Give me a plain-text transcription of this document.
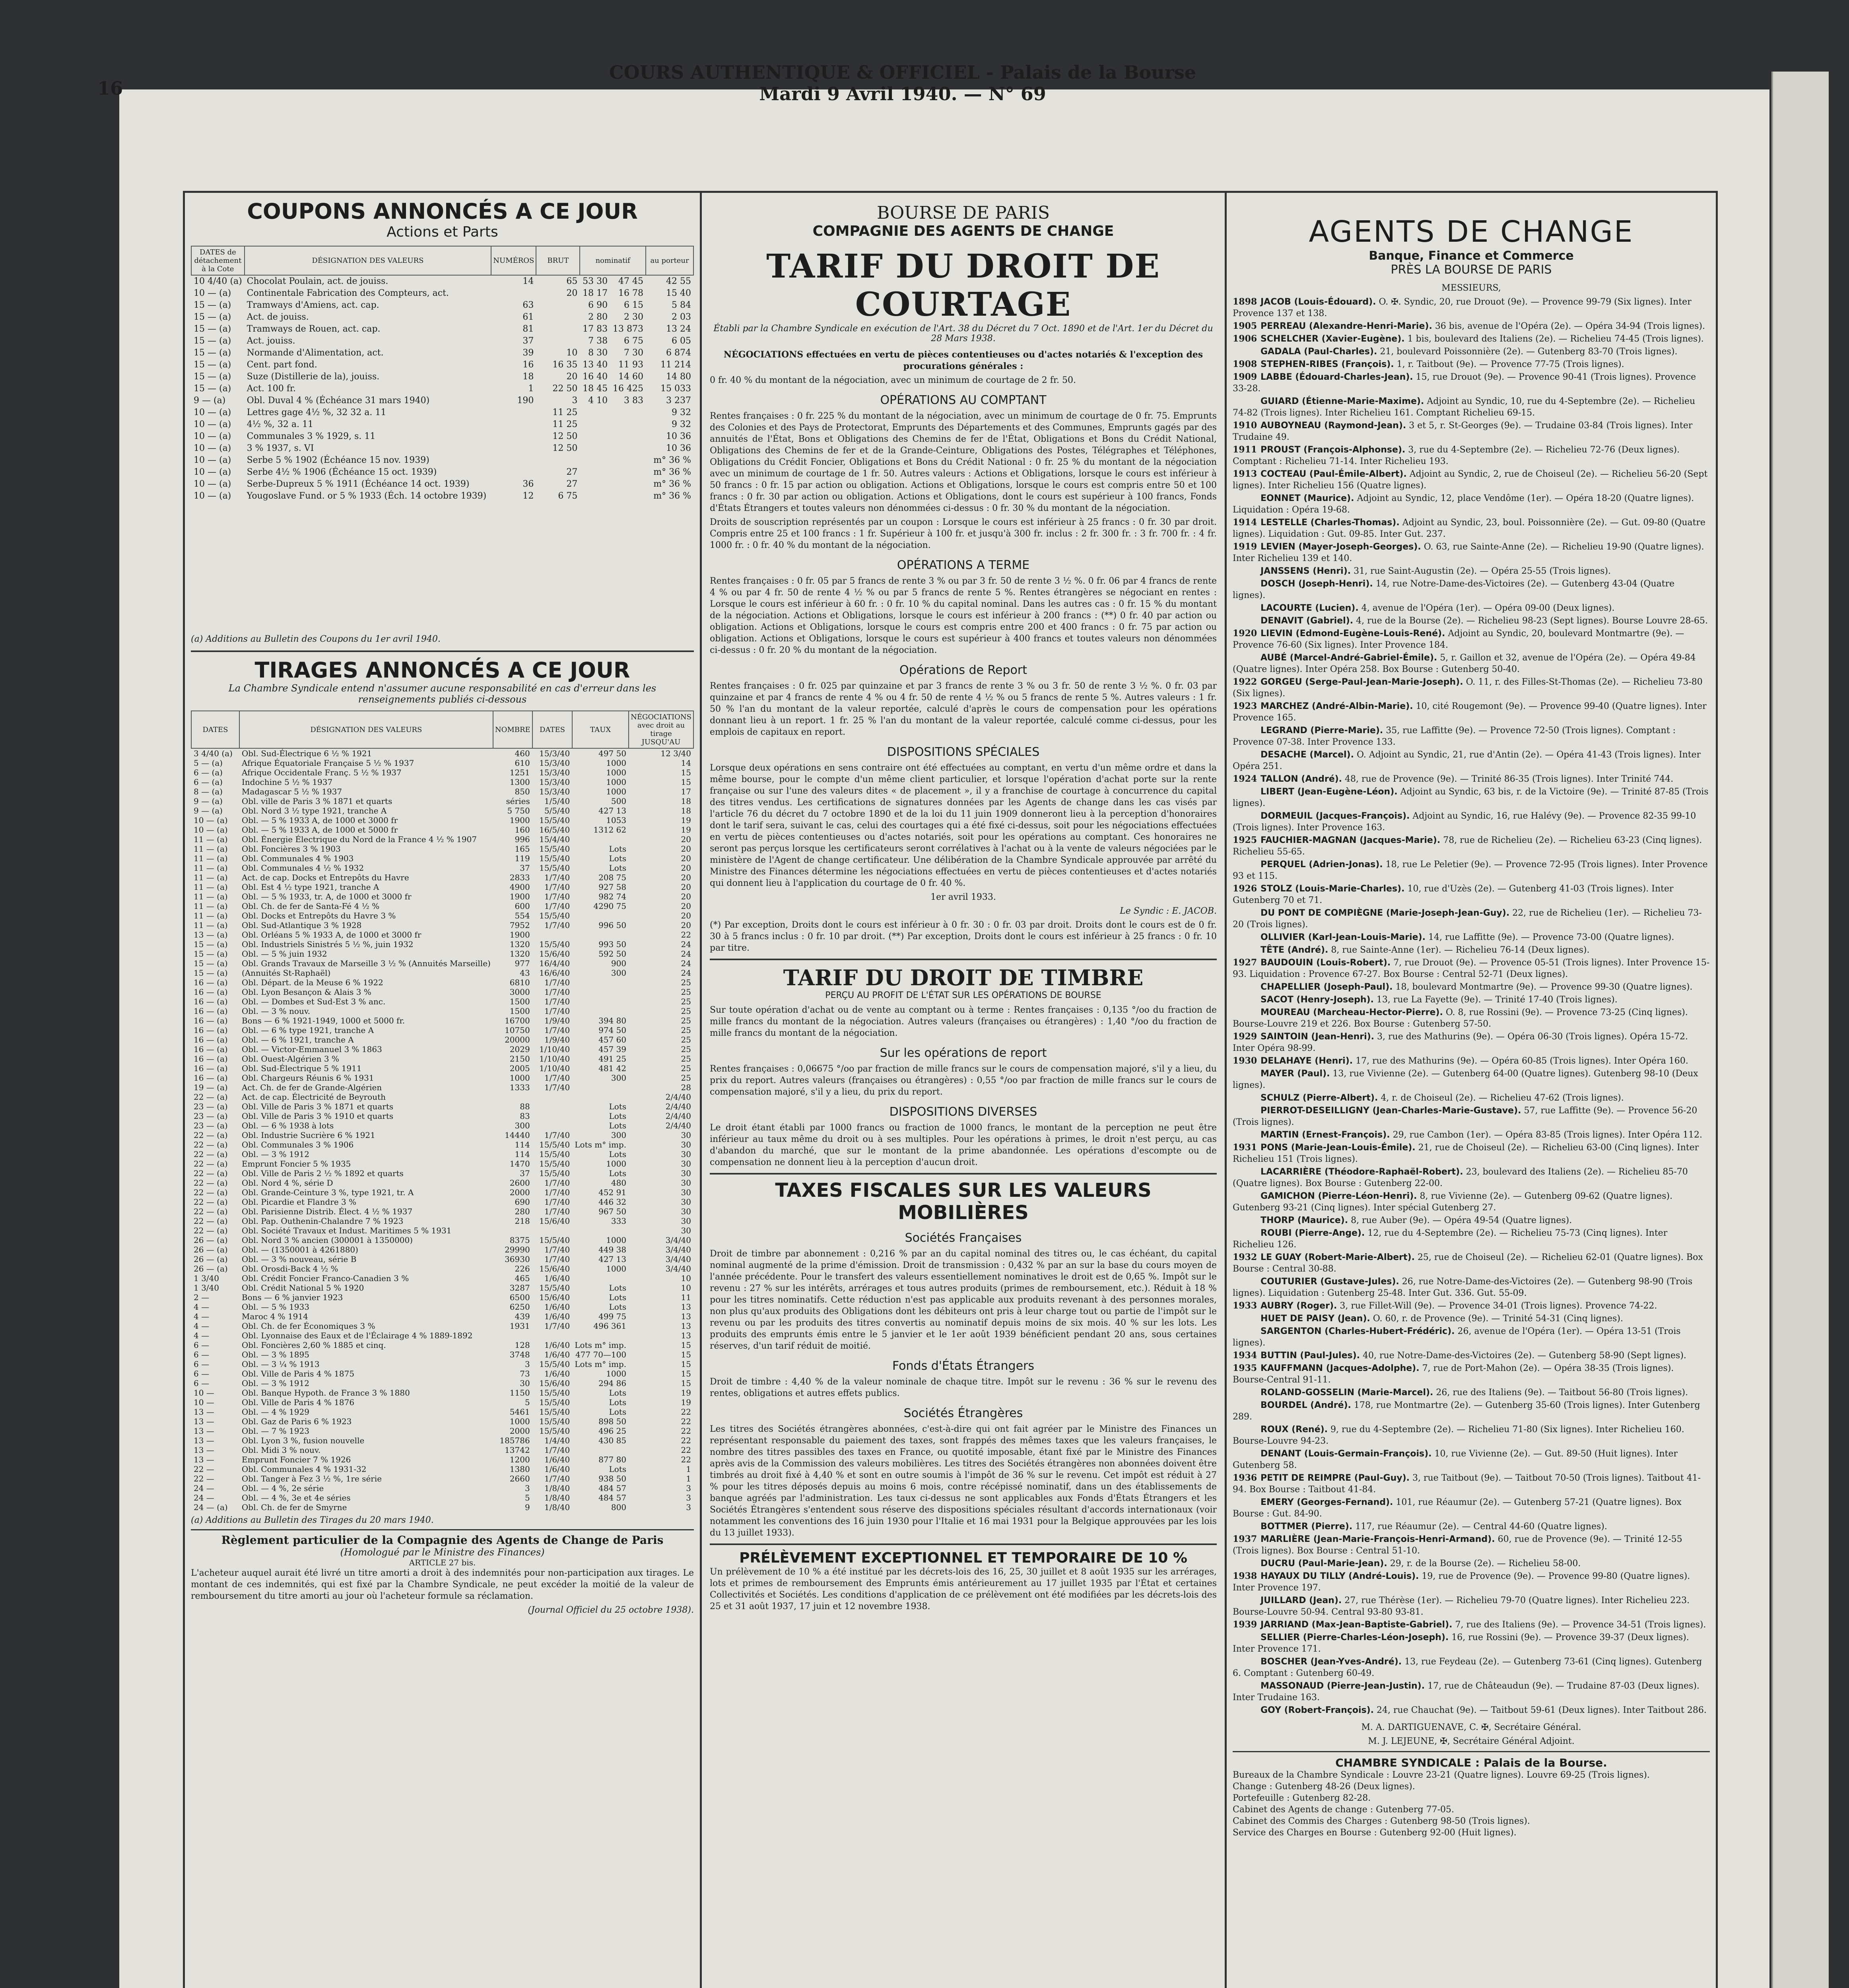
16
COURS AUTHENTIQUE & OFFICIEL - Palais de la Bourse
Mardi 9 Avril 1940. — N° 69
COUPONS ANNONCÉS A CE JOUR
Actions et Parts
DATES de détachement à la Cote	DÉSIGNATION DES VALEURS	NUMÉROS	BRUT	nominatif		au porteur
10 4/40 (a)	Chocolat Poulain, act. de jouiss.	14	65	53 30	47 45	42 55
10 — (a)	Continentale Fabrication des Compteurs, act.		20	18 17	16 78	15 40
15 — (a)	Tramways d'Amiens, act. cap.	63		6 90	6 15	5 84
15 — (a)	Act. de jouiss.	61		2 80	2 30	2 03
15 — (a)	Tramways de Rouen, act. cap.	81		17 83	13 873	13 24
15 — (a)	Act. jouiss.	37		7 38	6 75	6 05
15 — (a)	Normande d'Alimentation, act.	39	10	8 30	7 30	6 874
15 — (a)	Cent. part fond.	16	16 35	13 40	11 93	11 214
15 — (a)	Suze (Distillerie de la), jouiss.	18	20	16 40	14 60	14 80
15 — (a)	Act. 100 fr.	1	22 50	18 45	16 425	15 033
9 — (a)	Obl. Duval 4 % (Échéance 31 mars 1940)	190	3	4 10	3 83	3 237
10 — (a)	Lettres gage 4½ %, 32 32 a. 11		11 25			9 32
10 — (a)	4½ %, 32 a. 11		11 25			9 32
10 — (a)	Communales 3 % 1929, s. 11		12 50			10 36
10 — (a)	3 % 1937, s. VI		12 50			10 36
10 — (a)	Serbe 5 % 1902 (Échéance 15 nov. 1939)					m° 36 %
10 — (a)	Serbe 4½ % 1906 (Échéance 15 oct. 1939)		27			m° 36 %
10 — (a)	Serbe-Dupreux 5 % 1911 (Échéance 14 oct. 1939)	36	27			m° 36 %
10 — (a)	Yougoslave Fund. or 5 % 1933 (Éch. 14 octobre 1939)	12	6 75			m° 36 %
(a) Additions au Bulletin des Coupons du 1er avril 1940.
TIRAGES ANNONCÉS A CE JOUR
La Chambre Syndicale entend n'assumer aucune responsabilité en cas d'erreur dans les renseignements publiés ci-dessous
DATES	DÉSIGNATION DES VALEURS	NOMBRE	DATES	TAUX	NÉGOCIATIONS avec droit au tirage JUSQU'AU
3 4/40 (a)	Obl. Sud-Électrique 6 ½ % 1921	460	15/3/40	497 50	12 3/40
5 — (a)	Afrique Équatoriale Française 5 ½ % 1937	610	15/3/40	1000	14
6 — (a)	Afrique Occidentale Franç. 5 ½ % 1937	1251	15/3/40	1000	15
6 — (a)	Indochine 5 ½ % 1937	1300	15/3/40	1000	15
8 — (a)	Madagascar 5 ½ % 1937	850	15/3/40	1000	17
9 — (a)	Obl. ville de Paris 3 % 1871 et quarts	séries	1/5/40	500	18
9 — (a)	Obl. Nord 3 ½ type 1921, tranche A	5 750	5/5/40	427 13	18
10 — (a)	Obl. — 5 % 1933 A, de 1000 et 3000 fr	1900	15/5/40	1053	19
10 — (a)	Obl. — 5 % 1933 A, de 1000 et 5000 fr	160	16/5/40	1312 62	19
11 — (a)	Obl. Énergie Électrique du Nord de la France 4 ½ % 1907	996	15/4/40		20
11 — (a)	Obl. Foncières 3 % 1903	165	15/5/40	Lots	20
11 — (a)	Obl. Communales 4 % 1903	119	15/5/40	Lots	20
11 — (a)	Obl. Communales 4 ½ % 1932	37	15/5/40	Lots	20
11 — (a)	Act. de cap. Docks et Entrepôts du Havre	2833	1/7/40	208 75	20
11 — (a)	Obl. Est 4 ½ type 1921, tranche A	4900	1/7/40	927 58	20
11 — (a)	Obl. — 5 % 1933, tr. A, de 1000 et 3000 fr	1900	1/7/40	982 74	20
11 — (a)	Obl. Ch. de fer de Santa-Fé 4 ½ %	600	1/7/40	4290 75	20
11 — (a)	Obl. Docks et Entrepôts du Havre 3 %	554	15/5/40		20
11 — (a)	Obl. Sud-Atlantique 3 % 1928	7952	1/7/40	996 50	20
13 — (a)	Obl. Orléans 5 % 1933 A, de 1000 et 3000 fr	1900			22
15 — (a)	Obl. Industriels Sinistrés 5 ½ %, juin 1932	1320	15/5/40	993 50	24
15 — (a)	Obl. — 5 % juin 1932	1320	15/6/40	592 50	24
15 — (a)	Obl. Grands Travaux de Marseille 3 ½ % (Annuités Marseille)	977	16/4/40	900	24
15 — (a)	(Annuités St-Raphaël)	43	16/6/40	300	24
16 — (a)	Obl. Départ. de la Meuse 6 % 1922	6810	1/7/40		25
16 — (a)	Obl. Lyon Besançon & Alais 3 %	3000	1/7/40		25
16 — (a)	Obl. — Dombes et Sud-Est 3 % anc.	1500	1/7/40		25
16 — (a)	Obl. — 3 % nouv.	1500	1/7/40		25
16 — (a)	Bons — 6 % 1921-1949, 1000 et 5000 fr.	16700	1/9/40	394 80	25
16 — (a)	Obl. — 6 % type 1921, tranche A	10750	1/7/40	974 50	25
16 — (a)	Obl. — 6 % 1921, tranche A	20000	1/9/40	457 60	25
16 — (a)	Obl. — Victor-Emmanuel 3 % 1863	2029	1/10/40	457 39	25
16 — (a)	Obl. Ouest-Algérien 3 %	2150	1/10/40	491 25	25
16 — (a)	Obl. Sud-Électrique 5 % 1911	2005	1/10/40	481 42	25
16 — (a)	Obl. Chargeurs Réunis 6 % 1931	1000	1/7/40	300	25
19 — (a)	Act. Ch. de fer de Grande-Algérien	1333	1/7/40		28
22 — (a)	Act. de cap. Électricité de Beyrouth				2/4/40
23 — (a)	Obl. Ville de Paris 3 % 1871 et quarts	88		Lots	2/4/40
23 — (a)	Obl. Ville de Paris 3 % 1910 et quarts	83		Lots	2/4/40
23 — (a)	Obl. — 6 % 1938 à lots	300		Lots	2/4/40
22 — (a)	Obl. Industrie Sucrière 6 % 1921	14440	1/7/40	300	30
22 — (a)	Obl. Communales 3 % 1906	114	15/5/40	Lots m° imp.	30
22 — (a)	Obl. — 3 % 1912	114	15/5/40	Lots	30
22 — (a)	Emprunt Foncier 5 % 1935	1470	15/5/40	1000	30
22 — (a)	Obl. Ville de Paris 2 ½ % 1892 et quarts	37	15/5/40	Lots	30
22 — (a)	Obl. Nord 4 %, série D	2600	1/7/40	480	30
22 — (a)	Obl. Grande-Ceinture 3 %, type 1921, tr. A	2000	1/7/40	452 91	30
22 — (a)	Obl. Picardie et Flandre 3 %	690	1/7/40	446 32	30
22 — (a)	Obl. Parisienne Distrib. Élect. 4 ½ % 1937	280	1/7/40	967 50	30
22 — (a)	Obl. Pap. Outhenin-Chalandre 7 % 1923	218	15/6/40	333	30
22 — (a)	Obl. Société Travaux et Indust. Maritimes 5 % 1931				30
26 — (a)	Obl. Nord 3 % ancien (300001 à 1350000)	8375	15/5/40	1000	3/4/40
26 — (a)	Obl. — (1350001 à 4261880)	29990	1/7/40	449 38	3/4/40
26 — (a)	Obl. — 3 % nouveau, série B	36930	1/7/40	427 13	3/4/40
26 — (a)	Obl. Orosdi-Back 4 ½ %	226	15/6/40	1000	3/4/40
1 3/40	Obl. Crédit Foncier Franco-Canadien 3 %	465	1/6/40		10
1 3/40	Obl. Crédit National 5 % 1920	3287	15/5/40	Lots	10
2 —	Bons — 6 % janvier 1923	6500	15/6/40	Lots	11
4 —	Obl. — 5 % 1933	6250	1/6/40	Lots	13
4 —	Maroc 4 % 1914	439	1/6/40	499 75	13
4 —	Obl. Ch. de fer Économiques 3 %	1931	1/7/40	496 361	13
4 —	Obl. Lyonnaise des Eaux et de l'Éclairage 4 % 1889-1892				13
6 —	Obl. Foncières 2,60 % 1885 et cinq.	128	1/6/40	Lots m° imp.	15
6 —	Obl. — 3 % 1895	3748	1/6/40	477 70—100	15
6 —	Obl. — 3 ¼ % 1913	3	15/5/40	Lots m° imp.	15
6 —	Obl. Ville de Paris 4 % 1875	73	1/6/40	1000	15
6 —	Obl. — 3 % 1912	30	15/6/40	294 86	15
10 —	Obl. Banque Hypoth. de France 3 % 1880	1150	15/5/40	Lots	19
10 —	Obl. Ville de Paris 4 % 1876	5	15/5/40	Lots	19
13 —	Obl. — 4 % 1929	5461	15/5/40	Lots	22
13 —	Obl. Gaz de Paris 6 % 1923	1000	15/5/40	898 50	22
13 —	Obl. — 7 % 1923	2000	15/5/40	496 25	22
13 —	Obl. Lyon 3 %, fusion nouvelle	185786	1/4/40	430 85	22
13 —	Obl. Midi 3 % nouv.	13742	1/7/40		22
13 —	Emprunt Foncier 7 % 1926	1200	1/6/40	877 80	22
22 —	Obl. Communales 4 % 1931-32	1380	1/6/40	Lots	1
22 —	Obl. Tanger à Fez 3 ½ %, 1re série	2660	1/7/40	938 50	1
24 —	Obl. — 4 %, 2e série	3	1/8/40	484 57	3
24 —	Obl. — 4 %, 3e et 4e séries	5	1/8/40	484 57	3
24 — (a)	Obl. Ch. de fer de Smyrne	9	1/8/40	800	3
(a) Additions au Bulletin des Tirages du 20 mars 1940.
Règlement particulier de la Compagnie des Agents de Change de Paris
(Homologué par le Ministre des Finances)
ARTICLE 27 bis.
L'acheteur auquel aurait été livré un titre amorti a droit à des indemnités pour non-participation aux tirages. Le montant de ces indemnités, qui est fixé par la Chambre Syndicale, ne peut excéder la moitié de la valeur de remboursement du titre amorti au jour où l'acheteur formule sa réclamation.
(Journal Officiel du 25 octobre 1938).
BOURSE DE PARIS
COMPAGNIE DES AGENTS DE CHANGE
TARIF DU DROIT DE COURTAGE
Établi par la Chambre Syndicale en exécution de l'Art. 38 du Décret du 7 Oct. 1890 et de l'Art. 1er du Décret du 28 Mars 1938.
NÉGOCIATIONS effectuées en vertu de pièces contentieuses ou d'actes notariés & l'exception des procurations générales :
0 fr. 40 % du montant de la négociation, avec un minimum de courtage de 2 fr. 50.
OPÉRATIONS AU COMPTANT
Rentes françaises : 0 fr. 225 % du montant de la négociation, avec un minimum de courtage de 0 fr. 75. Emprunts des Colonies et des Pays de Protectorat, Emprunts des Départements et des Communes, Emprunts gagés par des annuités de l'État, Bons et Obligations des Chemins de fer de l'État, Obligations et Bons du Crédit National, Obligations des Chemins de fer et de la Grande-Ceinture, Obligations des Postes, Télégraphes et Téléphones, Obligations du Crédit Foncier, Obligations et Bons du Crédit National : 0 fr. 25 % du montant de la négociation avec un minimum de courtage de 1 fr. 50. Autres valeurs : Actions et Obligations, lorsque le cours est inférieur à 50 francs : 0 fr. 15 par action ou obligation. Actions et Obligations, lorsque le cours est compris entre 50 et 100 francs : 0 fr. 30 par action ou obligation. Actions et Obligations, dont le cours est supérieur à 100 francs, Fonds d'États Étrangers et toutes valeurs non dénommées ci-dessus : 0 fr. 30 % du montant de la négociation.
Droits de souscription représentés par un coupon : Lorsque le cours est inférieur à 25 francs : 0 fr. 30 par droit. Compris entre 25 et 100 francs : 1 fr. Supérieur à 100 fr. et jusqu'à 300 fr. inclus : 2 fr. 300 fr. : 3 fr. 700 fr. : 4 fr. 1000 fr. : 0 fr. 40 % du montant de la négociation.
OPÉRATIONS A TERME
Rentes françaises : 0 fr. 05 par 5 francs de rente 3 % ou par 3 fr. 50 de rente 3 ½ %. 0 fr. 06 par 4 francs de rente 4 % ou par 4 fr. 50 de rente 4 ½ % ou par 5 francs de rente 5 %. Rentes étrangères se négociant en rentes : Lorsque le cours est inférieur à 60 fr. : 0 fr. 10 % du capital nominal. Dans les autres cas : 0 fr. 15 % du montant de la négociation. Actions et Obligations, lorsque le cours est inférieur à 200 francs : (**) 0 fr. 40 par action ou obligation. Actions et Obligations, lorsque le cours est compris entre 200 et 400 francs : 0 fr. 75 par action ou obligation. Actions et Obligations, lorsque le cours est supérieur à 400 francs et toutes valeurs non dénommées ci-dessus : 0 fr. 20 % du montant de la négociation.
Opérations de Report
Rentes françaises : 0 fr. 025 par quinzaine et par 3 francs de rente 3 % ou 3 fr. 50 de rente 3 ½ %. 0 fr. 03 par quinzaine et par 4 francs de rente 4 % ou 4 fr. 50 de rente 4 ½ % ou 5 francs de rente 5 %. Autres valeurs : 1 fr. 50 % l'an du montant de la valeur reportée, calculé d'après le cours de compensation pour les opérations donnant lieu à un report. 1 fr. 25 % l'an du montant de la valeur reportée, calculé comme ci-dessus, pour les emplois de capitaux en report.
DISPOSITIONS SPÉCIALES
Lorsque deux opérations en sens contraire ont été effectuées au comptant, en vertu d'un même ordre et dans la même bourse, pour le compte d'un même client particulier, et lorsque l'opération d'achat porte sur la rente française ou sur l'une des valeurs dites « de placement », il y a franchise de courtage à concurrence du capital des titres vendus. Les certifications de signatures données par les Agents de change dans les cas visés par l'article 76 du décret du 7 octobre 1890 et de la loi du 11 juin 1909 donneront lieu à la perception d'honoraires dont le tarif sera, suivant le cas, celui des courtages qui a été fixé ci-dessus, soit pour les négociations effectuées en vertu de pièces contentieuses ou d'actes notariés, soit pour les opérations au comptant. Ces honoraires ne seront pas perçus lorsque les certificateurs seront corrélatives à l'achat ou à la vente de valeurs négociées par le ministère de l'Agent de change certificateur. Une délibération de la Chambre Syndicale approuvée par arrêté du Ministre des Finances détermine les négociations effectuées en vertu de pièces contentieuses et d'actes notariés qui donnent lieu à l'application du courtage de 0 fr. 40 %.
1er avril 1933.
Le Syndic : E. JACOB.
(*) Par exception, Droits dont le cours est inférieur à 0 fr. 30 : 0 fr. 03 par droit. Droits dont le cours est de 0 fr. 30 à 5 francs inclus : 0 fr. 10 par droit. (**) Par exception, Droits dont le cours est inférieur à 25 francs : 0 fr. 10 par titre.
TARIF DU DROIT DE TIMBRE
PERÇU AU PROFIT DE L'ÉTAT SUR LES OPÉRATIONS DE BOURSE
Sur toute opération d'achat ou de vente au comptant ou à terme : Rentes françaises : 0,135 °/oo du fraction de mille francs du montant de la négociation. Autres valeurs (françaises ou étrangères) : 1,40 °/oo du fraction de mille francs du montant de la négociation.
Sur les opérations de report
Rentes françaises : 0,06675 °/oo par fraction de mille francs sur le cours de compensation majoré, s'il y a lieu, du prix du report. Autres valeurs (françaises ou étrangères) : 0,55 °/oo par fraction de mille francs sur le cours de compensation majoré, s'il y a lieu, du prix du report.
DISPOSITIONS DIVERSES
Le droit étant établi par 1000 francs ou fraction de 1000 francs, le montant de la perception ne peut être inférieur au taux même du droit ou à ses multiples. Pour les opérations à primes, le droit n'est perçu, au cas d'abandon du marché, que sur le montant de la prime abandonnée. Les opérations d'escompte ou de compensation ne donnent lieu à la perception d'aucun droit.
TAXES FISCALES SUR LES VALEURS MOBILIÈRES
Sociétés Françaises
Droit de timbre par abonnement : 0,216 % par an du capital nominal des titres ou, le cas échéant, du capital nominal augmenté de la prime d'émission. Droit de transmission : 0,432 % par an sur la base du cours moyen de l'année précédente. Pour le transfert des valeurs essentiellement nominatives le droit est de 0,65 %. Impôt sur le revenu : 27 % sur les intérêts, arrérages et tous autres produits (primes de remboursement, etc.). Réduit à 18 % pour les titres nominatifs. Cette réduction n'est pas applicable aux produits revenant à des personnes morales, non plus qu'aux produits des Obligations dont les débiteurs ont pris à leur charge tout ou partie de l'impôt sur le revenu ou par les produits des titres convertis au nominatif depuis moins de six mois. 40 % sur les lots. Les produits des emprunts émis entre le 5 janvier et le 1er août 1939 bénéficient pendant 20 ans, sous certaines réserves, d'un tarif réduit de moitié.
Fonds d'États Étrangers
Droit de timbre : 4,40 % de la valeur nominale de chaque titre. Impôt sur le revenu : 36 % sur le revenu des rentes, obligations et autres effets publics.
Sociétés Étrangères
Les titres des Sociétés étrangères abonnées, c'est-à-dire qui ont fait agréer par le Ministre des Finances un représentant responsable du paiement des taxes, sont frappés des mêmes taxes que les valeurs françaises, le nombre des titres passibles des taxes en France, ou quotité imposable, étant fixé par le Ministre des Finances après avis de la Commission des valeurs mobilières. Les titres des Sociétés étrangères non abonnées doivent être timbrés au droit fixé à 4,40 % et sont en outre soumis à l'impôt de 36 % sur le revenu. Cet impôt est réduit à 27 % pour les titres déposés depuis au moins 6 mois, contre récépissé nominatif, dans un des établissements de banque agréés par l'administration. Les taux ci-dessus ne sont applicables aux Fonds d'États Étrangers et les Sociétés Étrangères s'entendent sous réserve des dispositions spéciales résultant d'accords internationaux (voir notamment les conventions des 16 juin 1930 pour l'Italie et 16 mai 1931 pour la Belgique approuvées par les lois du 13 juillet 1933).
PRÉLÈVEMENT EXCEPTIONNEL ET TEMPORAIRE DE 10 %
Un prélèvement de 10 % a été institué par les décrets-lois des 16, 25, 30 juillet et 8 août 1935 sur les arrérages, lots et primes de remboursement des Emprunts émis antérieurement au 17 juillet 1935 par l'État et certaines Collectivités et Sociétés. Les conditions d'application de ce prélèvement ont été modifiées par les décrets-lois des 25 et 31 août 1937, 17 juin et 12 novembre 1938.
AGENTS DE CHANGE
Banque, Finance et Commerce
PRÈS LA BOURSE DE PARIS
MESSIEURS,
1898 JACOB (Louis-Édouard). O. ✠. Syndic, 20, rue Drouot (9e). — Provence 99-79 (Six lignes). Inter Provence 137 et 138.
1905 PERREAU (Alexandre-Henri-Marie). 36 bis, avenue de l'Opéra (2e). — Opéra 34-94 (Trois lignes).
1906 SCHELCHER (Xavier-Eugène). 1 bis, boulevard des Italiens (2e). — Richelieu 74-45 (Trois lignes).
GADALA (Paul-Charles). 21, boulevard Poissonnière (2e). — Gutenberg 83-70 (Trois lignes).
1908 STEPHEN-RIBES (François). 1, r. Taitbout (9e). — Provence 77-75 (Trois lignes).
1909 LABBE (Édouard-Charles-Jean). 15, rue Drouot (9e). — Provence 90-41 (Trois lignes). Provence 33-28.
GUIARD (Étienne-Marie-Maxime). Adjoint au Syndic, 10, rue du 4-Septembre (2e). — Richelieu 74-82 (Trois lignes). Inter Richelieu 161. Comptant Richelieu 69-15.
1910 AUBOYNEAU (Raymond-Jean). 3 et 5, r. St-Georges (9e). — Trudaine 03-84 (Trois lignes). Inter Trudaine 49.
1911 PROUST (François-Alphonse). 3, rue du 4-Septembre (2e). — Richelieu 72-76 (Deux lignes). Comptant : Richelieu 71-14. Inter Richelieu 193.
1913 COCTEAU (Paul-Émile-Albert). Adjoint au Syndic, 2, rue de Choiseul (2e). — Richelieu 56-20 (Sept lignes). Inter Richelieu 156 (Quatre lignes).
EONNET (Maurice). Adjoint au Syndic, 12, place Vendôme (1er). — Opéra 18-20 (Quatre lignes). Liquidation : Opéra 19-68.
1914 LESTELLE (Charles-Thomas). Adjoint au Syndic, 23, boul. Poissonnière (2e). — Gut. 09-80 (Quatre lignes). Liquidation : Gut. 09-85. Inter Gut. 237.
1919 LEVIEN (Mayer-Joseph-Georges). O. 63, rue Sainte-Anne (2e). — Richelieu 19-90 (Quatre lignes). Inter Richelieu 139 et 140.
JANSSENS (Henri). 31, rue Saint-Augustin (2e). — Opéra 25-55 (Trois lignes).
DOSCH (Joseph-Henri). 14, rue Notre-Dame-des-Victoires (2e). — Gutenberg 43-04 (Quatre lignes).
LACOURTE (Lucien). 4, avenue de l'Opéra (1er). — Opéra 09-00 (Deux lignes).
DENAVIT (Gabriel). 4, rue de la Bourse (2e). — Richelieu 98-23 (Sept lignes). Bourse Louvre 28-65.
1920 LIEVIN (Edmond-Eugène-Louis-René). Adjoint au Syndic, 20, boulevard Montmartre (9e). — Provence 76-60 (Six lignes). Inter Provence 184.
AUBÉ (Marcel-André-Gabriel-Émile). 5, r. Gaillon et 32, avenue de l'Opéra (2e). — Opéra 49-84 (Quatre lignes). Inter Opéra 258. Box Bourse : Gutenberg 50-40.
1922 GORGEU (Serge-Paul-Jean-Marie-Joseph). O. 11, r. des Filles-St-Thomas (2e). — Richelieu 73-80 (Six lignes).
1923 MARCHEZ (André-Albin-Marie). 10, cité Rougemont (9e). — Provence 99-40 (Quatre lignes). Inter Provence 165.
LEGRAND (Pierre-Marie). 35, rue Laffitte (9e). — Provence 72-50 (Trois lignes). Comptant : Provence 07-38. Inter Provence 133.
DESACHE (Marcel). O. Adjoint au Syndic, 21, rue d'Antin (2e). — Opéra 41-43 (Trois lignes). Inter Opéra 251.
1924 TALLON (André). 48, rue de Provence (9e). — Trinité 86-35 (Trois lignes). Inter Trinité 744.
LIBERT (Jean-Eugène-Léon). Adjoint au Syndic, 63 bis, r. de la Victoire (9e). — Trinité 87-85 (Trois lignes).
DORMEUIL (Jacques-François). Adjoint au Syndic, 16, rue Halévy (9e). — Provence 82-35 99-10 (Trois lignes). Inter Provence 163.
1925 FAUCHIER-MAGNAN (Jacques-Marie). 78, rue de Richelieu (2e). — Richelieu 63-23 (Cinq lignes). Richelieu 55-65.
PERQUEL (Adrien-Jonas). 18, rue Le Peletier (9e). — Provence 72-95 (Trois lignes). Inter Provence 93 et 115.
1926 STOLZ (Louis-Marie-Charles). 10, rue d'Uzès (2e). — Gutenberg 41-03 (Trois lignes). Inter Gutenberg 70 et 71.
DU PONT DE COMPIÈGNE (Marie-Joseph-Jean-Guy). 22, rue de Richelieu (1er). — Richelieu 73-20 (Trois lignes).
OLLIVIER (Karl-Jean-Louis-Marie). 14, rue Laffitte (9e). — Provence 73-00 (Quatre lignes).
TÊTE (André). 8, rue Sainte-Anne (1er). — Richelieu 76-14 (Deux lignes).
1927 BAUDOUIN (Louis-Robert). 7, rue Drouot (9e). — Provence 05-51 (Trois lignes). Inter Provence 15-93. Liquidation : Provence 67-27. Box Bourse : Central 52-71 (Deux lignes).
CHAPELLIER (Joseph-Paul). 18, boulevard Montmartre (9e). — Provence 99-30 (Quatre lignes).
SACOT (Henry-Joseph). 13, rue La Fayette (9e). — Trinité 17-40 (Trois lignes).
MOUREAU (Marcheau-Hector-Pierre). O. 8, rue Rossini (9e). — Provence 73-25 (Cinq lignes). Bourse-Louvre 219 et 226. Box Bourse : Gutenberg 57-50.
1929 SAINTOIN (Jean-Henri). 3, rue des Mathurins (9e). — Opéra 06-30 (Trois lignes). Opéra 15-72. Inter Opéra 98-99.
1930 DELAHAYE (Henri). 17, rue des Mathurins (9e). — Opéra 60-85 (Trois lignes). Inter Opéra 160.
MAYER (Paul). 13, rue Vivienne (2e). — Gutenberg 64-00 (Quatre lignes). Gutenberg 98-10 (Deux lignes).
SCHULZ (Pierre-Albert). 4, r. de Choiseul (2e). — Richelieu 47-62 (Trois lignes).
PIERROT-DESEILLIGNY (Jean-Charles-Marie-Gustave). 57, rue Laffitte (9e). — Provence 56-20 (Trois lignes).
MARTIN (Ernest-François). 29, rue Cambon (1er). — Opéra 83-85 (Trois lignes). Inter Opéra 112.
1931 PONS (Marie-Jean-Louis-Émile). 21, rue de Choiseul (2e). — Richelieu 63-00 (Cinq lignes). Inter Richelieu 151 (Trois lignes).
LACARRIÈRE (Théodore-Raphaël-Robert). 23, boulevard des Italiens (2e). — Richelieu 85-70 (Quatre lignes). Box Bourse : Gutenberg 22-00.
GAMICHON (Pierre-Léon-Henri). 8, rue Vivienne (2e). — Gutenberg 09-62 (Quatre lignes). Gutenberg 93-21 (Cinq lignes). Inter spécial Gutenberg 27.
THORP (Maurice). 8, rue Auber (9e). — Opéra 49-54 (Quatre lignes).
ROUBI (Pierre-Ange). 12, rue du 4-Septembre (2e). — Richelieu 75-73 (Cinq lignes). Inter Richelieu 126.
1932 LE GUAY (Robert-Marie-Albert). 25, rue de Choiseul (2e). — Richelieu 62-01 (Quatre lignes). Box Bourse : Central 30-88.
COUTURIER (Gustave-Jules). 26, rue Notre-Dame-des-Victoires (2e). — Gutenberg 98-90 (Trois lignes). Liquidation : Gutenberg 25-48. Inter Gut. 336. Gut. 55-09.
1933 AUBRY (Roger). 3, rue Fillet-Will (9e). — Provence 34-01 (Trois lignes). Provence 74-22.
HUET DE PAISY (Jean). O. 60, r. de Provence (9e). — Trinité 54-31 (Cinq lignes).
SARGENTON (Charles-Hubert-Frédéric). 26, avenue de l'Opéra (1er). — Opéra 13-51 (Trois lignes).
1934 BUTTIN (Paul-Jules). 40, rue Notre-Dame-des-Victoires (2e). — Gutenberg 58-90 (Sept lignes).
1935 KAUFFMANN (Jacques-Adolphe). 7, rue de Port-Mahon (2e). — Opéra 38-35 (Trois lignes). Bourse-Central 91-11.
ROLAND-GOSSELIN (Marie-Marcel). 26, rue des Italiens (9e). — Taitbout 56-80 (Trois lignes).
BOURDEL (André). 178, rue Montmartre (2e). — Gutenberg 35-60 (Trois lignes). Inter Gutenberg 289.
ROUX (René). 9, rue du 4-Septembre (2e). — Richelieu 71-80 (Six lignes). Inter Richelieu 160. Bourse-Louvre 94-23.
DENANT (Louis-Germain-François). 10, rue Vivienne (2e). — Gut. 89-50 (Huit lignes). Inter Gutenberg 58.
1936 PETIT DE REIMPRE (Paul-Guy). 3, rue Taitbout (9e). — Taitbout 70-50 (Trois lignes). Taitbout 41-94. Box Bourse : Taitbout 41-84.
EMERY (Georges-Fernand). 101, rue Réaumur (2e). — Gutenberg 57-21 (Quatre lignes). Box Bourse : Gut. 84-90.
BOTTMER (Pierre). 117, rue Réaumur (2e). — Central 44-60 (Quatre lignes).
1937 MARLIÈRE (Jean-Marie-François-Henri-Armand). 60, rue de Provence (9e). — Trinité 12-55 (Trois lignes). Box Bourse : Central 51-10.
DUCRU (Paul-Marie-Jean). 29, r. de la Bourse (2e). — Richelieu 58-00.
1938 HAYAUX DU TILLY (André-Louis). 19, rue de Provence (9e). — Provence 99-80 (Quatre lignes). Inter Provence 197.
JUILLARD (Jean). 27, rue Thérèse (1er). — Richelieu 79-70 (Quatre lignes). Inter Richelieu 223. Bourse-Louvre 50-94. Central 93-80 93-81.
1939 JARRIAND (Max-Jean-Baptiste-Gabriel). 7, rue des Italiens (9e). — Provence 34-51 (Trois lignes).
SELLIER (Pierre-Charles-Léon-Joseph). 16, rue Rossini (9e). — Provence 39-37 (Deux lignes). Inter Provence 171.
BOSCHER (Jean-Yves-André). 13, rue Feydeau (2e). — Gutenberg 73-61 (Cinq lignes). Gutenberg 6. Comptant : Gutenberg 60-49.
MASSONAUD (Pierre-Jean-Justin). 17, rue de Châteaudun (9e). — Trudaine 87-03 (Deux lignes). Inter Trudaine 163.
GOY (Robert-François). 24, rue Chauchat (9e). — Taitbout 59-61 (Deux lignes). Inter Taitbout 286.
M. A. DARTIGUENAVE, C. ✠, Secrétaire Général.
M. J. LEJEUNE, ✠, Secrétaire Général Adjoint.
CHAMBRE SYNDICALE : Palais de la Bourse.
Bureaux de la Chambre Syndicale : Louvre 23-21 (Quatre lignes). Louvre 69-25 (Trois lignes).
Change : Gutenberg 48-26 (Deux lignes).
Portefeuille : Gutenberg 82-28.
Cabinet des Agents de change : Gutenberg 77-05.
Cabinet des Commis des Charges : Gutenberg 98-50 (Trois lignes).
Service des Charges en Bourse : Gutenberg 92-00 (Huit lignes).
